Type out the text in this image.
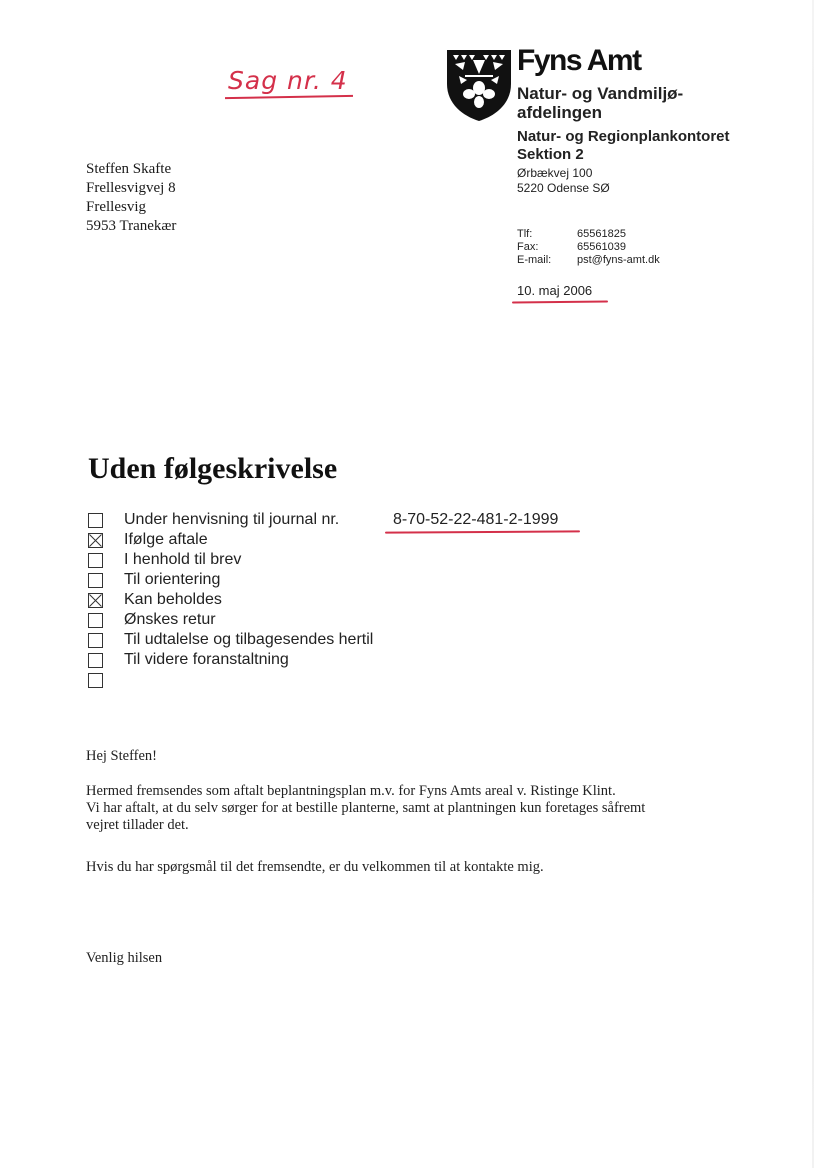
Sag nr. 4
Fyns Amt
Natur- og Vandmiljø-
afdelingen
Natur- og Regionplankontoret
Sektion 2
Ørbækvej 100
5220 Odense SØ
Tlf:	65561825
Fax:	65561039
E-mail:	pst@fyns-amt.dk
10. maj 2006
Steffen Skafte
Frellesvigvej 8
Frellesvig
5953 Tranekær
Uden følgeskrivelse
Under henvisning til journal nr.
Ifølge aftale
I henhold til brev
Til orientering
Kan beholdes
Ønskes retur
Til udtalelse og tilbagesendes hertil
Til videre foranstaltning
8-70-52-22-481-2-1999
Hej Steffen!
Hermed fremsendes som aftalt beplantningsplan m.v. for Fyns Amts areal v. Ristinge Klint.
Vi har aftalt, at du selv sørger for at bestille planterne, samt at plantningen kun foretages såfremt
vejret tillader det.
Hvis du har spørgsmål til det fremsendte, er du velkommen til at kontakte mig.
Venlig hilsen
